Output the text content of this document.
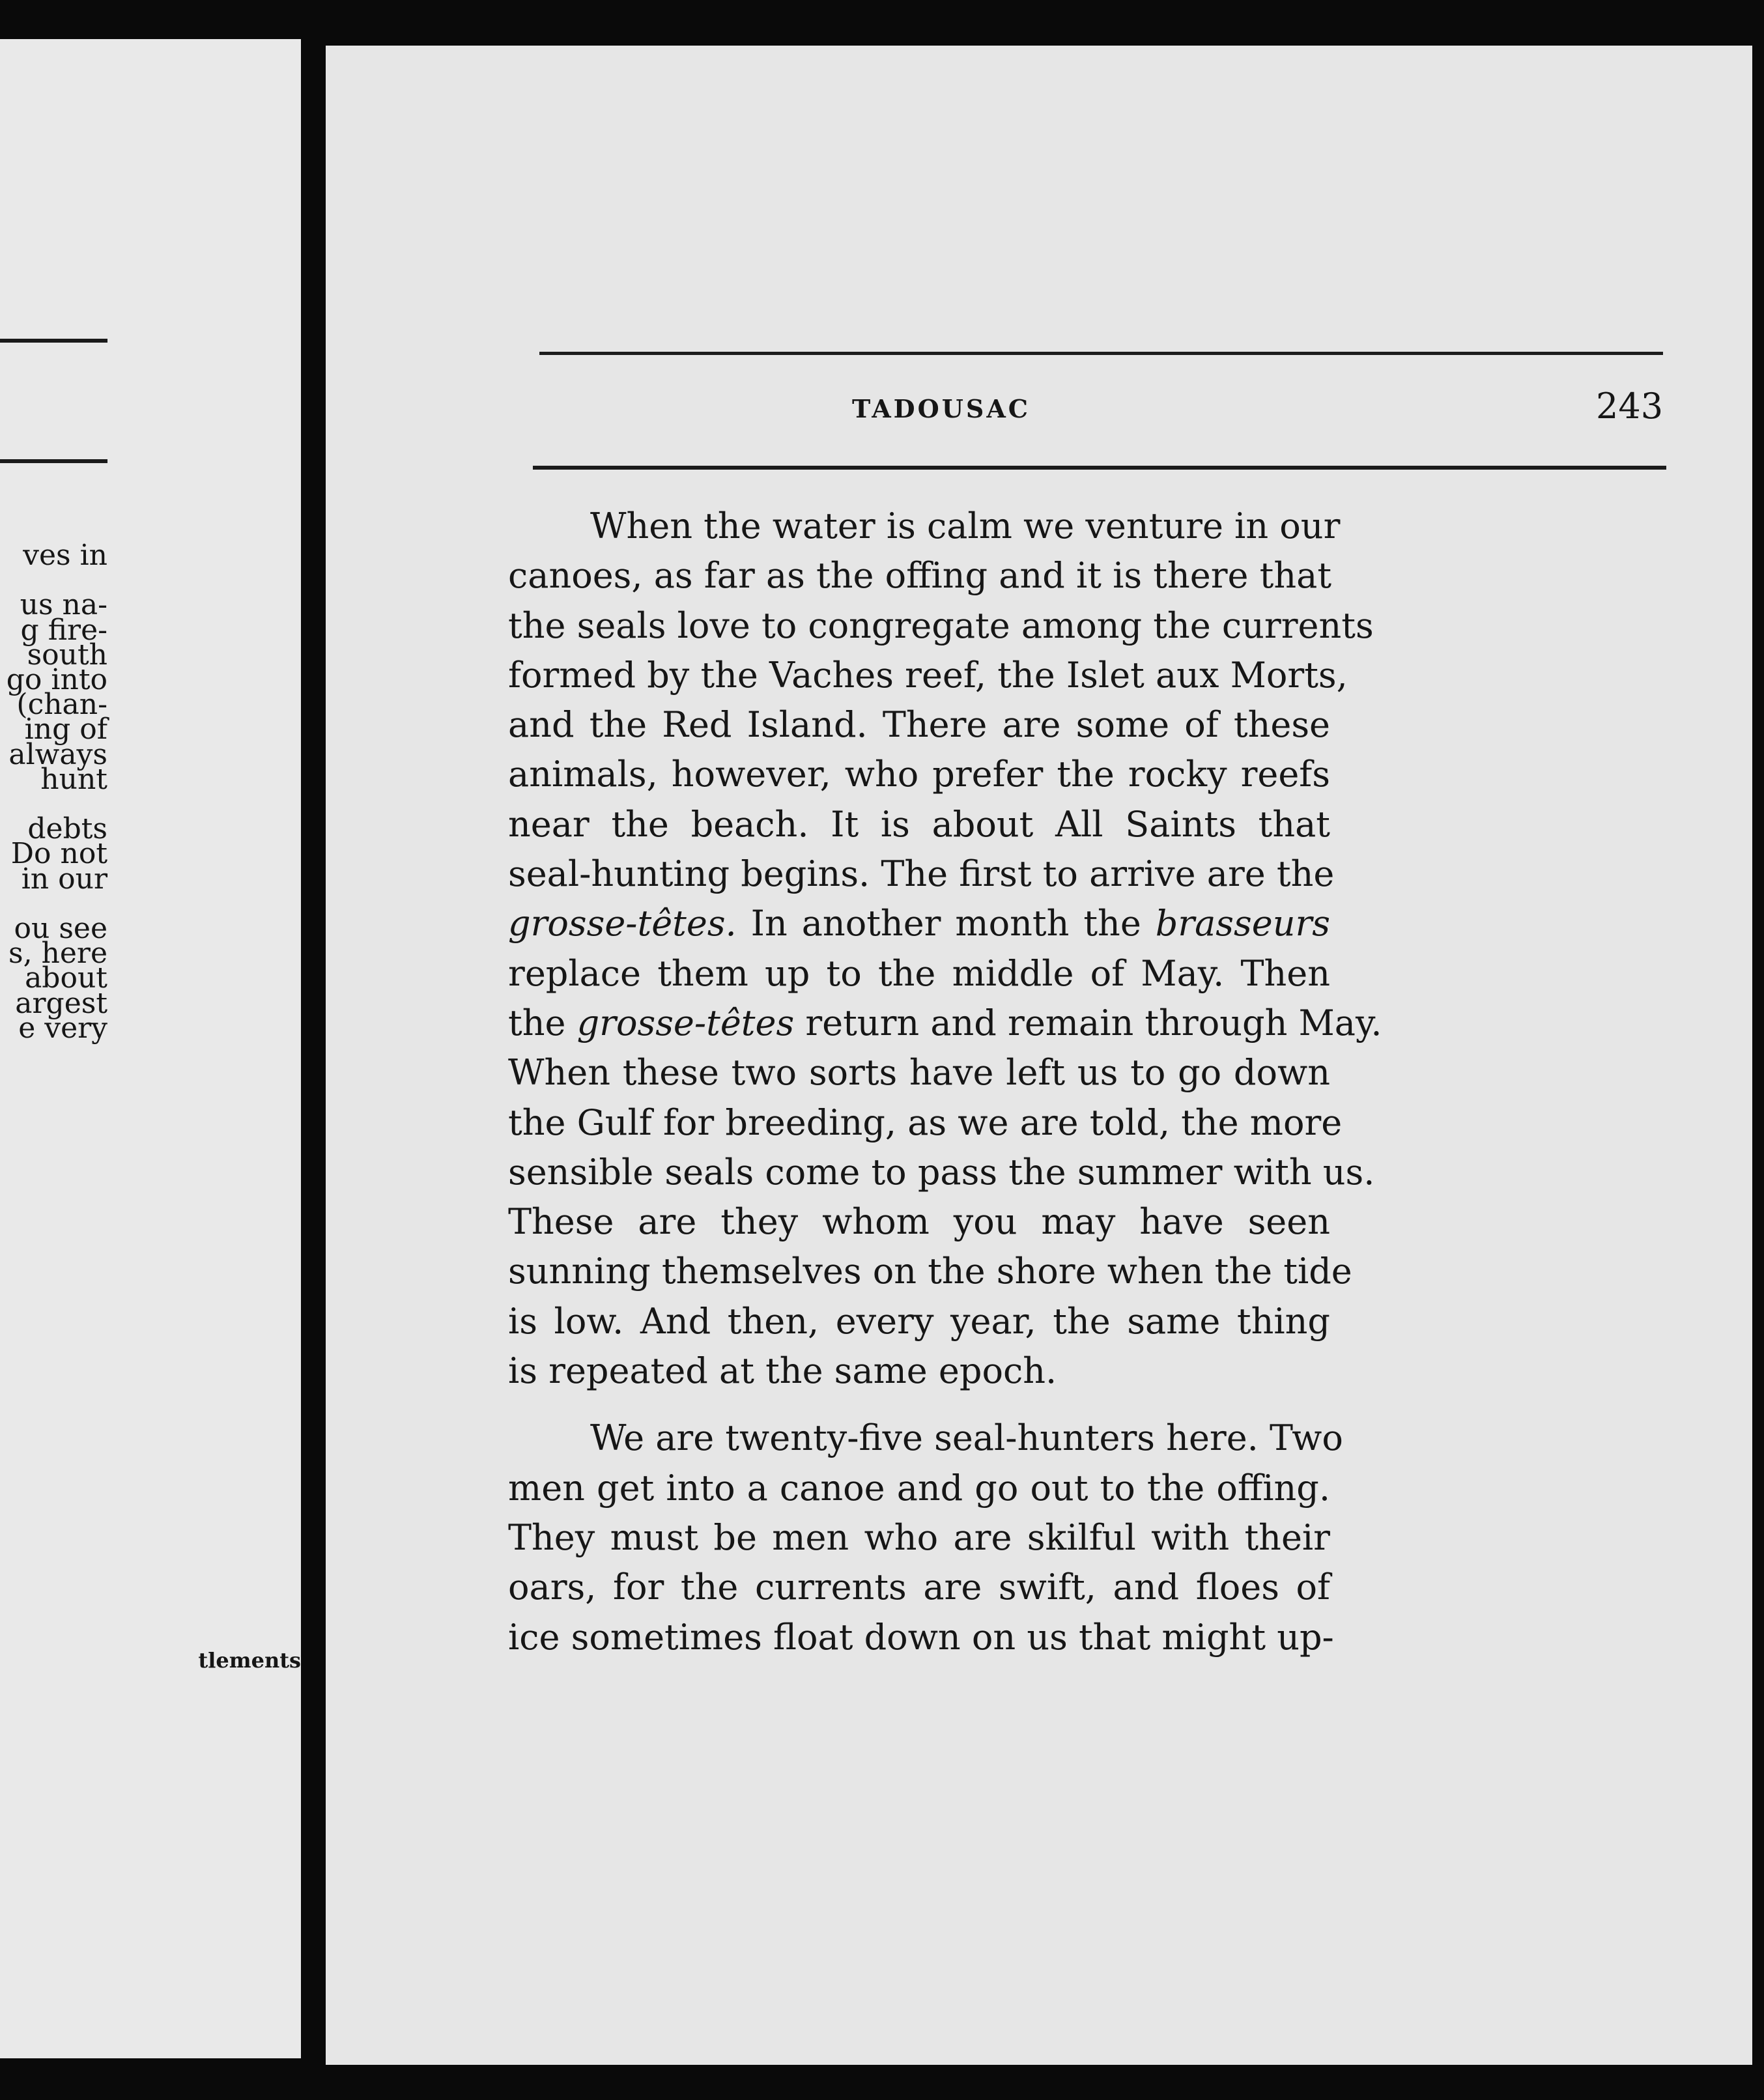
ves in
us na-
g fire-
south
go into
(chan-
ing of
always
hunt
debts
Do not
in our
ou see
s, here
about
argest
e very
tlements
TADOUSAC	243
When the water is calm we venture in our
canoes, as far as the offing and it is there that
the seals love to congregate among the currents
formed by the Vaches reef, the Islet aux Morts,
and the Red Island. There are some of these
animals, however, who prefer the rocky reefs
near the beach. It is about All Saints that
seal-hunting begins. The first to arrive are the
grosse-têtes. In another month the brasseurs
replace them up to the middle of May. Then
the grosse-têtes return and remain through May.
When these two sorts have left us to go down
the Gulf for breeding, as we are told, the more
sensible seals come to pass the summer with us.
These are they whom you may have seen
sunning themselves on the shore when the tide
is low. And then, every year, the same thing
is repeated at the same epoch.
We are twenty-five seal-hunters here. Two
men get into a canoe and go out to the offing.
They must be men who are skilful with their
oars, for the currents are swift, and floes of
ice sometimes float down on us that might up-
